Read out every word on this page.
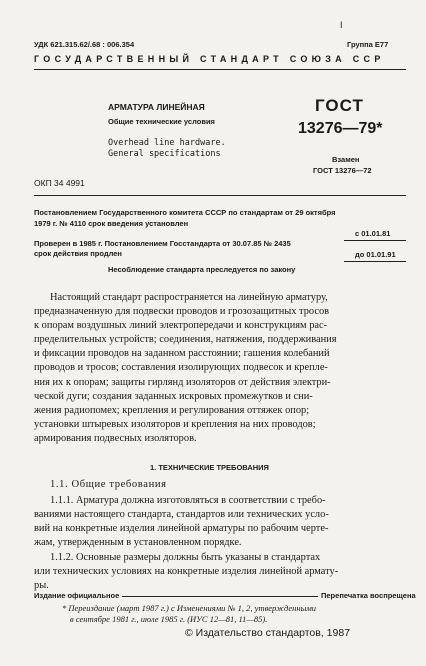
УДК 621.315.62/.68 : 006.354	Группа Е77
I
ГОСУДАРСТВЕННЫЙ СТАНДАРТ СОЮЗА ССР
АРМАТУРА ЛИНЕЙНАЯ
Общие технические условия
Overhead line hardware.
General specifications
ОКП 34 4991
ГОСТ
13276—79*
Взамен
ГОСТ 13276—72
Постановлением Государственного комитета СССР по стандартам от 29 октября
1979 г. № 4110 срок введения установлен
с 01.01.81
Проверен в 1985 г. Постановлением Госстандарта от 30.07.85 № 2435
срок действия продлен	до 01.01.91
Несоблюдение стандарта преследуется по закону
Настоящий стандарт распространяется на линейную арматуру,
предназначенную для подвески проводов и грозозащитных тросов
к опорам воздушных линий электропередачи и конструкциям рас-
пределительных устройств; соединения, натяжения, поддерживания
и фиксации проводов на заданном расстоянии; гашения колебаний
проводов и тросов; составления изолирующих подвесок и крепле-
ния их к опорам; защиты гирлянд изоляторов от действия электри-
ческой дуги; создания заданных искровых промежутков и сни-
жения радиопомех; крепления и регулирования оттяжек опор;
установки штыревых изоляторов и крепления на них проводов;
армирования подвесных изоляторов.
1. ТЕХНИЧЕСКИЕ ТРЕБОВАНИЯ
1.1. Общие требования
1.1.1. Арматура должна изготовляться в соответствии с требо-
ваниями настоящего стандарта, стандартов или технических усло-
вий на конкретные изделия линейной арматуры по рабочим чертe-
жам, утвержденным в установленном порядке.
1.1.2. Основные размеры должны быть указаны в стандартах
или технических условиях на конкретные изделия линейной армату-
ры.
Издание официальное	Перепечатка воспрещена
* Переиздание (март 1987 г.) с Изменениями № 1, 2, утвержденными
в сентябре 1981 г., июле 1985 г. (ИУС 12—81, 11—85).
© Издательство стандартов, 1987
